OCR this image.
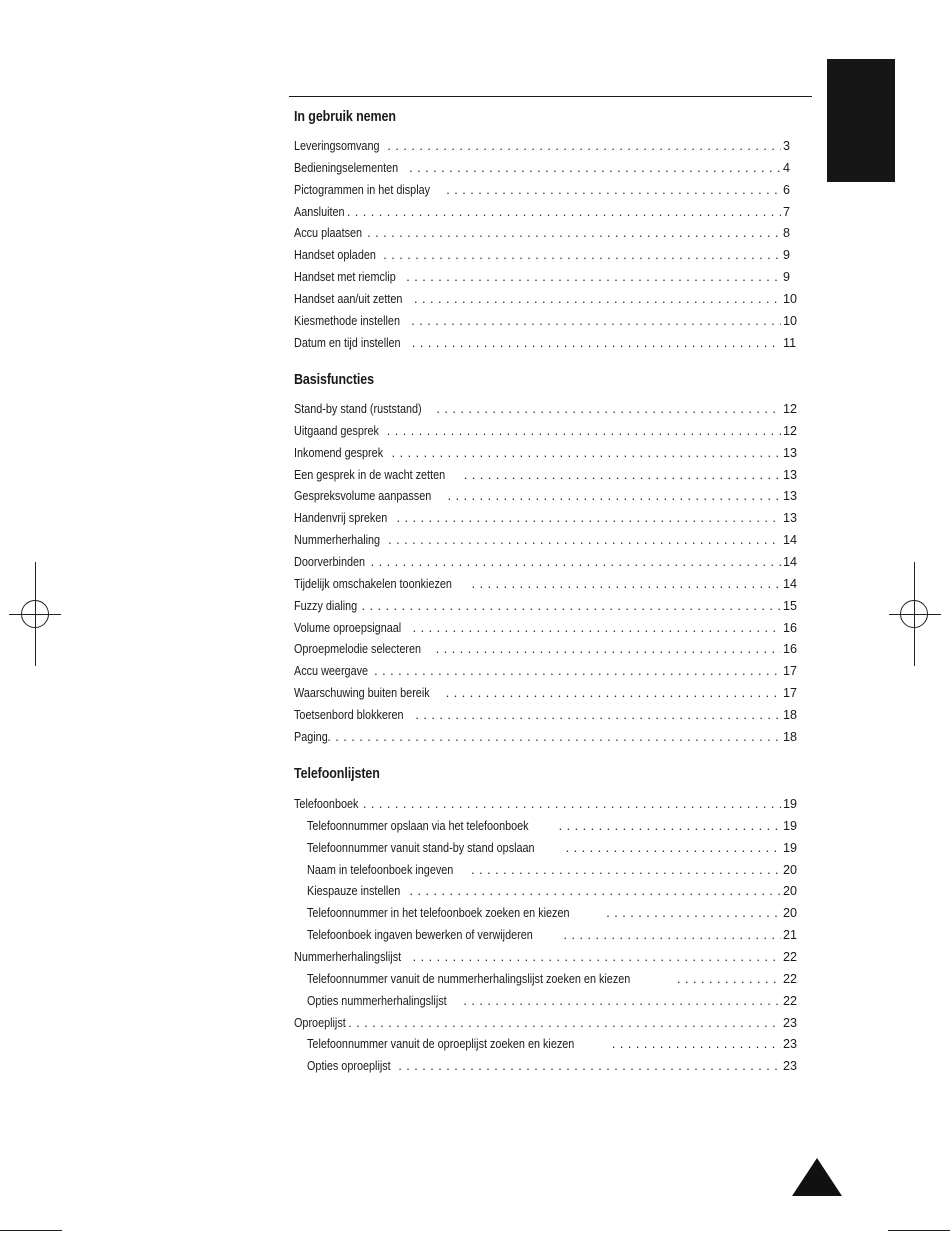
In gebruik nemen
Leveringsomvang . . .	3
Bedieningselementen . . .	4
Pictogrammen in het display . . .	6
Aansluiten . . .	7
Accu plaatsen . . .	8
Handset opladen . . .	9
Handset met riemclip . . .	9
Handset aan/uit zetten . . .	10
Kiesmethode instellen . . .	10
Datum en tijd instellen . . .	11
Basisfuncties
Stand-by stand (ruststand) . . .	12
Uitgaand gesprek . . .	12
Inkomend gesprek . . .	13
Een gesprek in de wacht zetten . . .	13
Gespreksvolume aanpassen . . .	13
Handenvrij spreken . . .	13
Nummerherhaling . . .	14
Doorverbinden . . .	14
Tijdelijk omschakelen toonkiezen . . .	14
Fuzzy dialing . . .	15
Volume oproepsignaal . . .	16
Oproepmelodie selecteren . . .	16
Accu weergave . . .	17
Waarschuwing buiten bereik . . .	17
Toetsenbord blokkeren . . .	18
Paging . . .	18
Telefoonlijsten
Telefoonboek . . .	19
Telefoonnummer opslaan via het telefoonboek . . .	19
Telefoonnummer vanuit stand-by stand opslaan . . .	19
Naam in telefoonboek ingeven . . .	20
Kiespauze instellen . . .	20
Telefoonnummer in het telefoonboek zoeken en kiezen . . .	20
Telefoonboek ingaven bewerken of verwijderen . . .	21
Nummerherhalingslijst . . .	22
Telefoonnummer vanuit de nummerherhalingslijst zoeken en kiezen . . .	22
Opties nummerherhalingslijst . . .	22
Oproeplijst . . .	23
Telefoonnummer vanuit de oproeplijst zoeken en kiezen . . .	23
Opties oproeplijst . . .	23
